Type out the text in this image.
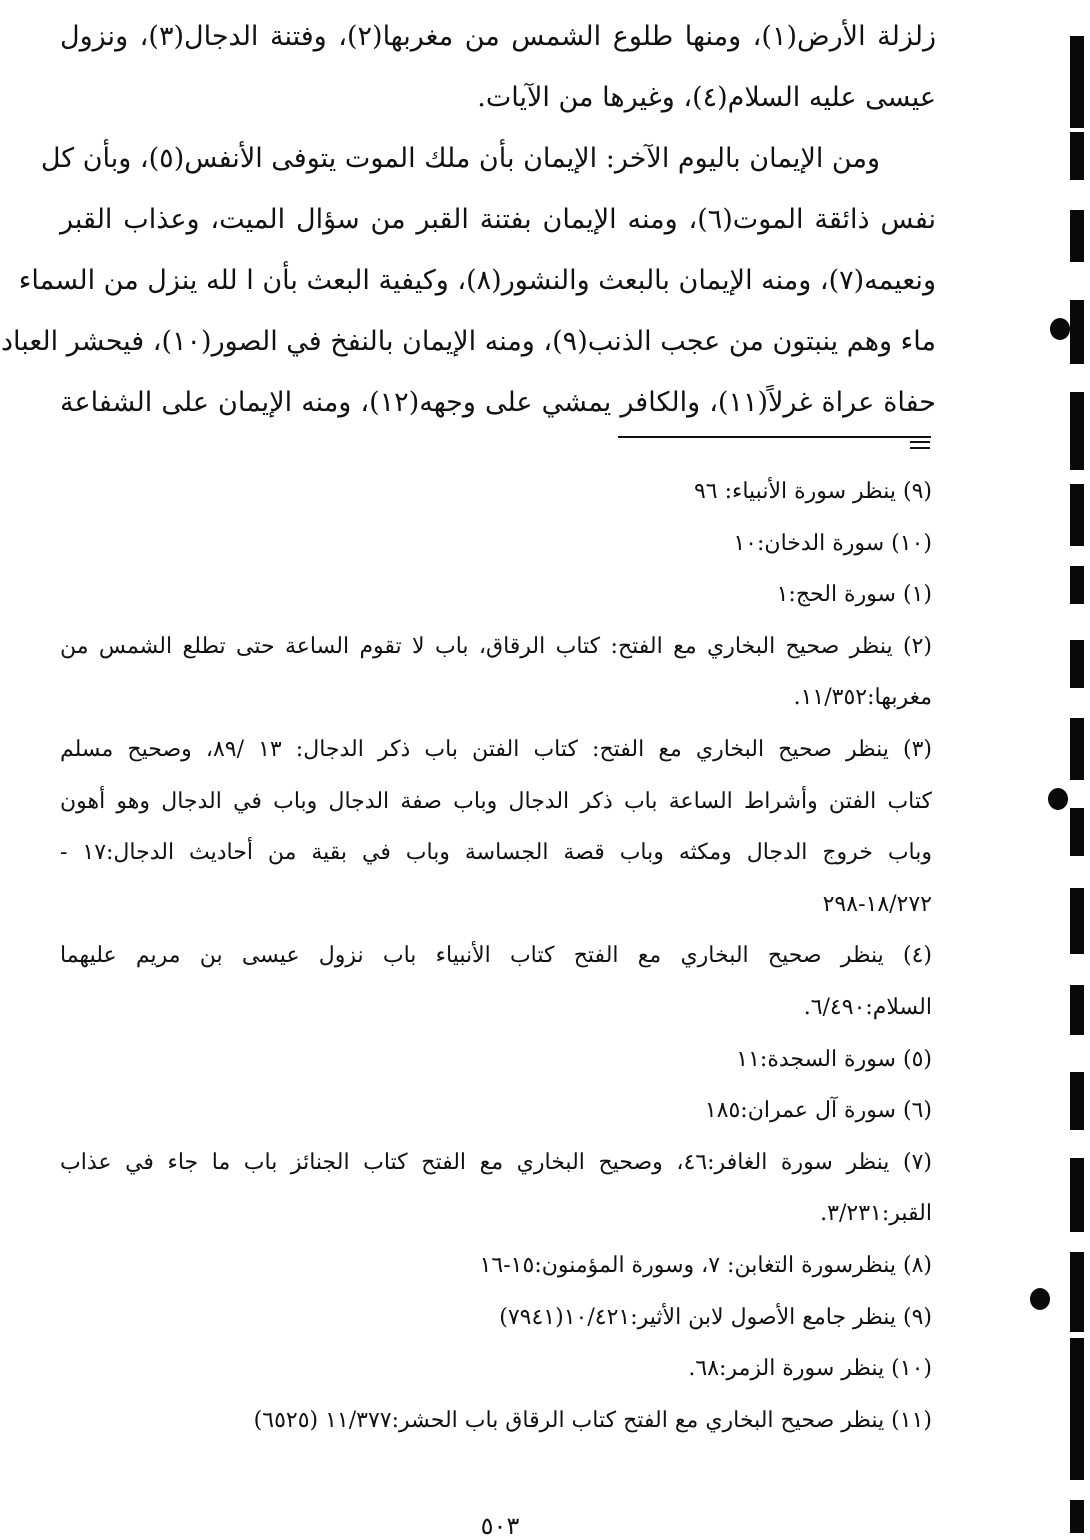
زلزلة الأرض(١)، ومنها طلوع الشمس من مغربها(٢)، وفتنة الدجال(٣)، ونزول
عيسى عليه السلام(٤)، وغيرها من الآيات.
ومن الإيمان باليوم الآخر: الإيمان بأن ملك الموت يتوفى الأنفس(٥)، وبأن كل
نفس ذائقة الموت(٦)، ومنه الإيمان بفتنة القبر من سؤال الميت، وعذاب القبر
ونعيمه(٧)، ومنه الإيمان بالبعث والنشور(٨)، وكيفية البعث بأن ا لله ينزل من السماء
ماء وهم ينبتون من عجب الذنب(٩)، ومنه الإيمان بالنفخ في الصور(١٠)، فيحشر العباد
حفاة عراة غرلاً(١١)، والكافر يمشي على وجهه(١٢)، ومنه الإيمان على الشفاعة
(٩) ينظر سورة الأنبياء: ٩٦
(١٠) سورة الدخان:١٠
(١) سورة الحج:١
(٢) ينظر صحيح البخاري مع الفتح: كتاب الرقاق، باب لا تقوم الساعة حتى تطلع الشمس من
مغربها:١١/٣٥٢.
(٣) ينظر صحيح البخاري مع الفتح: كتاب الفتن باب ذكر الدجال: ١٣ /٨٩، وصحيح مسلم
كتاب الفتن وأشراط الساعة باب ذكر الدجال وباب صفة الدجال وباب في الدجال وهو أهون
وباب خروج الدجال ومكثه وباب قصة الجساسة وباب في بقية من أحاديث الدجال:١٧ -
١٨/٢٧٢-٢٩٨
(٤) ينظر صحيح البخاري مع الفتح كتاب الأنبياء باب نزول عيسى بن مريم عليهما
السلام:٦/٤٩٠.
(٥) سورة السجدة:١١
(٦) سورة آل عمران:١٨٥
(٧) ينظر سورة الغافر:٤٦، وصحيح البخاري مع الفتح كتاب الجنائز باب ما جاء في عذاب
القبر:٣/٢٣١.
(٨) ينظرسورة التغابن: ٧، وسورة المؤمنون:١٥-١٦
(٩) ينظر جامع الأصول لابن الأثير:١٠/٤٢١(٧٩٤١)
(١٠) ينظر سورة الزمر:٦٨.
(١١) ينظر صحيح البخاري مع الفتح كتاب الرقاق باب الحشر:١١/٣٧٧ (٦٥٢٥)
٥٠٣
